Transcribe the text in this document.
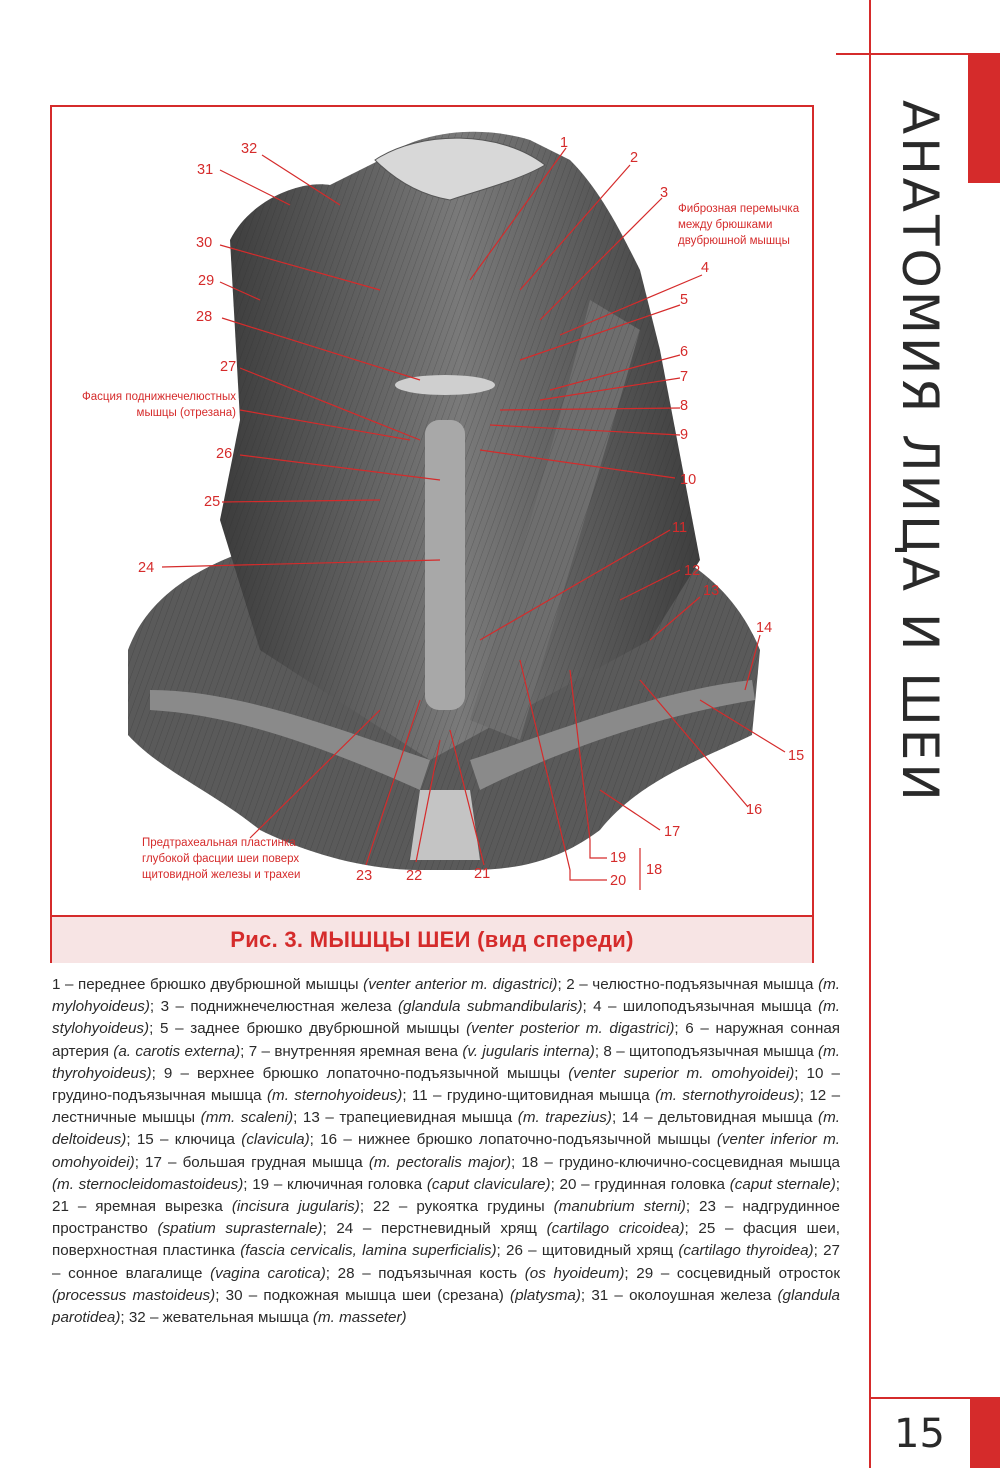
АНАТОМИЯ ЛИЦА И ШЕИ
15
1
2
3
4
5
6
7
8
9
10
11
12
13
14
15
16
17
18
19
20
21
22
23
24
25
26
27
28
29
30
31
32
Фиброзная перемычка
между брюшками
двубрюшной мышцы
Фасция поднижнечелюстных
мышцы (отрезана)
Предтрахеальная пластинка
глубокой фасции шеи поверх
щитовидной железы и трахеи
Рис. 3. МЫШЦЫ ШЕИ (вид спереди)
1 – переднее брюшко двубрюшной мышцы (venter anterior m. digastrici); 2 – челюстно-подъязычная мышца (m. mylohyoideus); 3 – поднижнечелюстная железа (glandula submandibularis); 4 – шилоподъязычная мышца (m. stylohyoideus); 5 – заднее брюшко двубрюшной мышцы (venter posterior m. digastrici); 6 – наружная сонная артерия (a. carotis externa); 7 – внутренняя яремная вена (v. jugularis interna); 8 – щитоподъязычная мышца (m. thyrohyoideus); 9 – верхнее брюшко лопаточно-подъязычной мышцы (venter superior m. omohyoidei); 10 – грудино-подъязычная мышца (m. sternohyoideus); 11 – грудино-щитовидная мышца (m. sternothyroideus); 12 – лестничные мышцы (mm. scaleni); 13 – трапециевидная мышца (m. trapezius); 14 – дельтовидная мышца (m. deltoideus); 15 – ключица (clavicula); 16 – нижнее брюшко лопаточно-подъязычной мышцы (venter inferior m. omohyoidei); 17 – большая грудная мышца (m. pectoralis major); 18 – грудино-ключично-сосцевидная мышца (m. sternocleidomastoideus); 19 – ключичная головка (caput claviculare); 20 – грудинная головка (caput sternale); 21 – яремная вырезка (incisura jugularis); 22 – рукоятка грудины (manubrium sterni); 23 – надгрудинное пространство (spatium suprasternale); 24 – перстневидный хрящ (cartilago cricoidea); 25 – фасция шеи, поверхностная пластинка (fascia cervicalis, lamina superficialis); 26 – щитовидный хрящ (cartilago thyroidea); 27 – сонное влагалище (vagina carotica); 28 – подъязычная кость (os hyoideum); 29 – сосцевидный отросток (processus mastoideus); 30 – подкожная мышца шеи (срезана) (platysma); 31 – околоушная железа (glandula parotidea); 32 – жевательная мышца (m. masseter)
